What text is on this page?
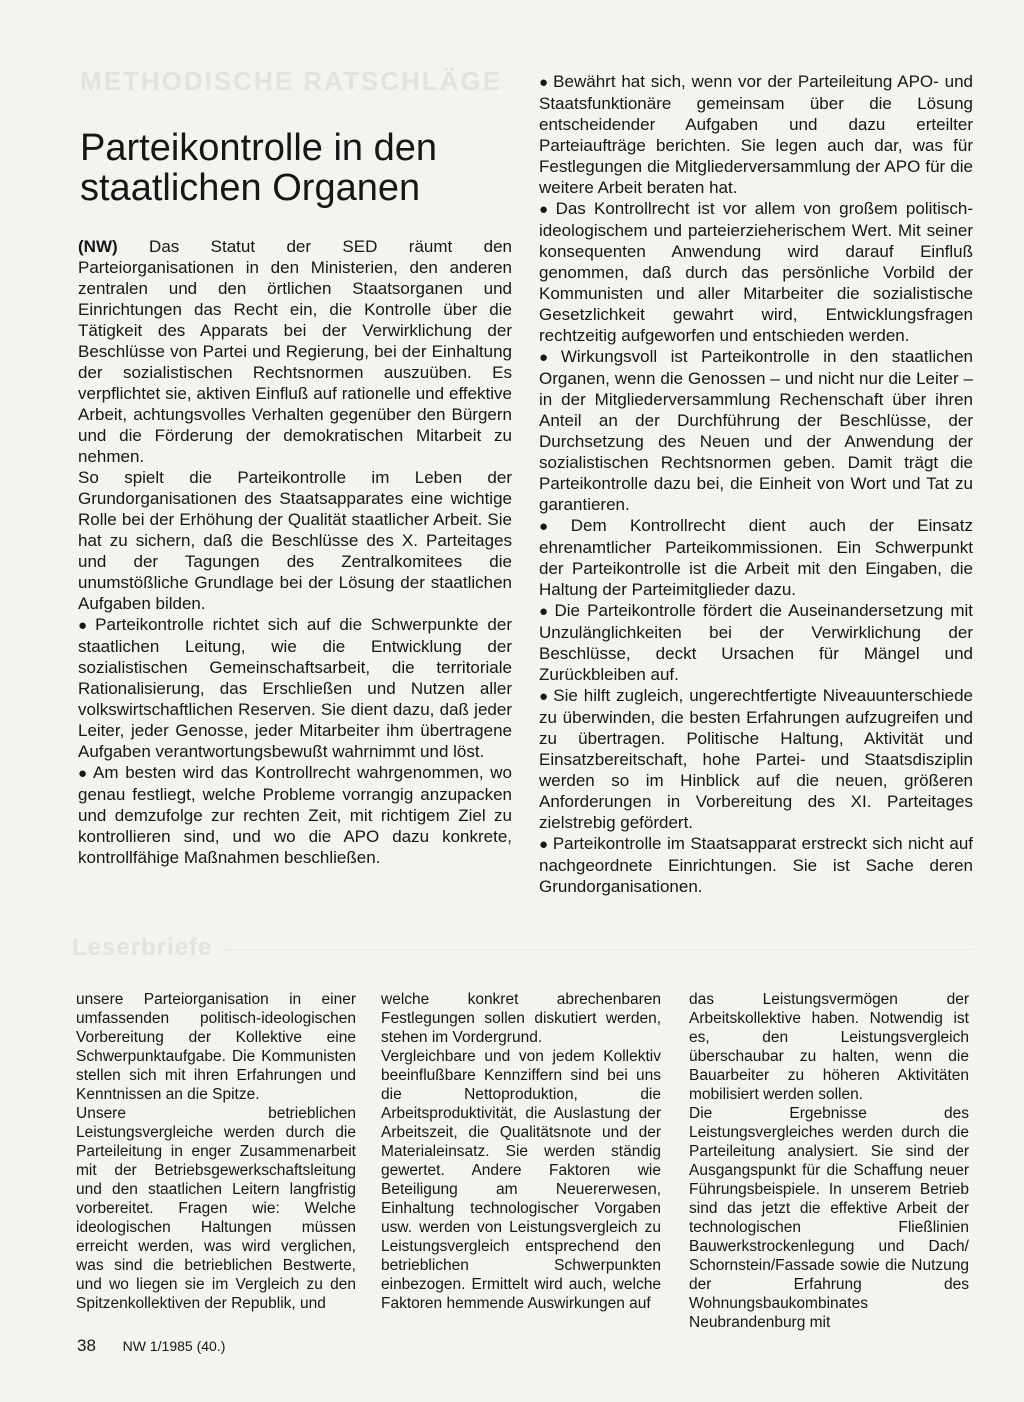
METHODISCHE RATSCHLÄGE
Parteikontrolle in den staatlichen Organen

(NW) Das Statut der SED räumt den Parteiorganisationen in den Ministerien, den anderen zentralen und den örtlichen Staatsorganen und Einrichtungen das Recht ein, die Kontrolle über die Tätigkeit des Apparats bei der Verwirklichung der Beschlüsse von Partei und Regierung, bei der Einhaltung der sozialistischen Rechtsnormen auszuüben. Es verpflichtet sie, aktiven Einfluß auf rationelle und effektive Arbeit, achtungsvolles Verhalten gegenüber den Bürgern und die Förderung der demokratischen Mitarbeit zu nehmen.

So spielt die Parteikontrolle im Leben der Grundorganisationen des Staatsapparates eine wichtige Rolle bei der Erhöhung der Qualität staatlicher Arbeit. Sie hat zu sichern, daß die Beschlüsse des X. Parteitages und der Tagungen des Zentralkomitees die unumstößliche Grundlage bei der Lösung der staatlichen Aufgaben bilden.

● Parteikontrolle richtet sich auf die Schwerpunkte der staatlichen Leitung, wie die Entwicklung der sozialistischen Gemeinschaftsarbeit, die territoriale Rationalisierung, das Erschließen und Nutzen aller volkswirtschaftlichen Reserven. Sie dient dazu, daß jeder Leiter, jeder Genosse, jeder Mitarbeiter ihm übertragene Aufgaben verantwortungsbewußt wahrnimmt und löst.

● Am besten wird das Kontrollrecht wahrgenommen, wo genau festliegt, welche Probleme vorrangig anzupacken und demzufolge zur rechten Zeit, mit richtigem Ziel zu kontrollieren sind, und wo die APO dazu konkrete, kontrollfähige Maßnahmen beschließen.

● Bewährt hat sich, wenn vor der Parteileitung APO- und Staatsfunktionäre gemeinsam über die Lösung entscheidender Aufgaben und dazu erteilter Parteiaufträge berichten. Sie legen auch dar, was für Festlegungen die Mitgliederversammlung der APO für die weitere Arbeit beraten hat.

● Das Kontrollrecht ist vor allem von großem politisch-ideologischem und parteierzieherischem Wert. Mit seiner konsequenten Anwendung wird darauf Einfluß genommen, daß durch das persönliche Vorbild der Kommunisten und aller Mitarbeiter die sozialistische Gesetzlichkeit gewahrt wird, Entwicklungsfragen rechtzeitig aufgeworfen und entschieden werden.

● Wirkungsvoll ist Parteikontrolle in den staatlichen Organen, wenn die Genossen – und nicht nur die Leiter – in der Mitgliederversammlung Rechenschaft über ihren Anteil an der Durchführung der Beschlüsse, der Durchsetzung des Neuen und der Anwendung der sozialistischen Rechtsnormen geben. Damit trägt die Parteikontrolle dazu bei, die Einheit von Wort und Tat zu garantieren.

● Dem Kontrollrecht dient auch der Einsatz ehrenamtlicher Parteikommissionen. Ein Schwerpunkt der Parteikontrolle ist die Arbeit mit den Eingaben, die Haltung der Parteimitglieder dazu.

● Die Parteikontrolle fördert die Auseinandersetzung mit Unzulänglichkeiten bei der Verwirklichung der Beschlüsse, deckt Ursachen für Mängel und Zurückbleiben auf.

● Sie hilft zugleich, ungerechtfertigte Niveauunterschiede zu überwinden, die besten Erfahrungen aufzugreifen und zu übertragen. Politische Haltung, Aktivität und Einsatzbereitschaft, hohe Partei- und Staatsdisziplin werden so im Hinblick auf die neuen, größeren Anforderungen in Vorbereitung des XI. Parteitages zielstrebig gefördert.

● Parteikontrolle im Staatsapparat erstreckt sich nicht auf nachgeordnete Einrichtungen. Sie ist Sache deren Grundorganisationen.

Leserbriefe

unsere Parteiorganisation in einer umfassenden politisch-ideologischen Vorbereitung der Kollektive eine Schwerpunktaufgabe. Die Kommunisten stellen sich mit ihren Erfahrungen und Kenntnissen an die Spitze.

Unsere betrieblichen Leistungsvergleiche werden durch die Parteileitung in enger Zusammenarbeit mit der Betriebsgewerkschaftsleitung und den staatlichen Leitern langfristig vorbereitet. Fragen wie: Welche ideologischen Haltungen müssen erreicht werden, was wird verglichen, was sind die betrieblichen Bestwerte, und wo liegen sie im Vergleich zu den Spitzenkollektiven der Republik, und

welche konkret abrechenbaren Festlegungen sollen diskutiert werden, stehen im Vordergrund.

Vergleichbare und von jedem Kollektiv beeinflußbare Kennziffern sind bei uns die Nettoproduktion, die Arbeitsproduktivität, die Auslastung der Arbeitszeit, die Qualitätsnote und der Materialeinsatz. Sie werden ständig gewertet. Andere Faktoren wie Beteiligung am Neuererwesen, Einhaltung technologischer Vorgaben usw. werden von Leistungsvergleich zu Leistungsvergleich entsprechend den betrieblichen Schwerpunkten einbezogen. Ermittelt wird auch, welche Faktoren hemmende Auswirkungen auf

das Leistungsvermögen der Arbeitskollektive haben. Notwendig ist es, den Leistungsvergleich überschaubar zu halten, wenn die Bauarbeiter zu höheren Aktivitäten mobilisiert werden sollen.

Die Ergebnisse des Leistungsvergleiches werden durch die Parteileitung analysiert. Sie sind der Ausgangspunkt für die Schaffung neuer Führungsbeispiele. In unserem Betrieb sind das jetzt die effektive Arbeit der technologischen Fließlinien Bauwerkstrockenlegung und Dach/ Schornstein/Fassade sowie die Nutzung der Erfahrung des Wohnungsbaukombinates Neubrandenburg mit

38 NW 1/1985 (40.)
